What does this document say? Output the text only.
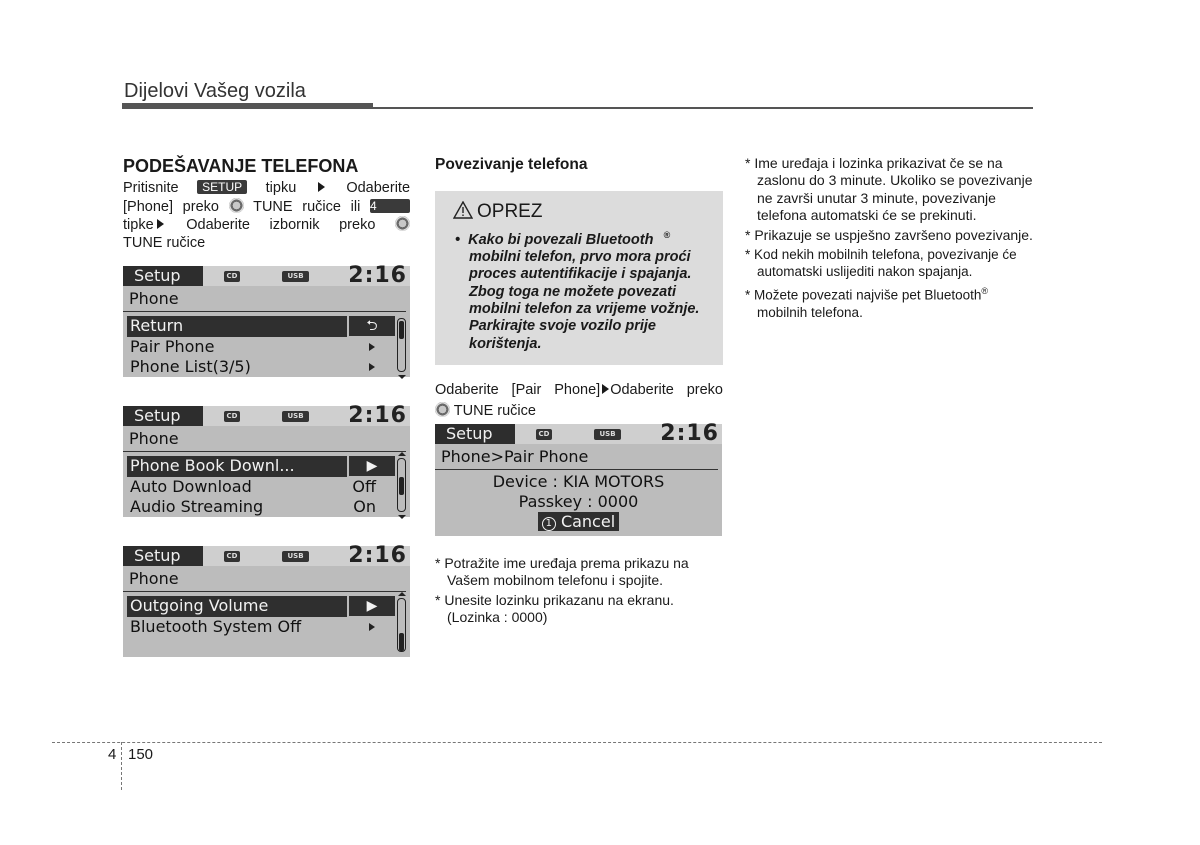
Dijelovi Vašeg vozila
PODEŠAVANJE TELEFONA
Pritisnite SETUP tipku	Odaberite
[Phone] preko TUNE ručice ili 4
tipke Odaberite izbornik preko
TUNE ručice
Setup	CD	USB 2:16
Phone
Return	⮌
Pair Phone
Phone List(3/5)
Setup	CD	USB 2:16
Phone
Phone Book Downl...	▶
Auto Download	Off
Audio Streaming	On
Setup	CD	USB 2:16
Phone
Outgoing Volume	▶
Bluetooth System Off
Povezivanje telefona
OPREZ
•  Kako bi povezali Bluetooth    ® mobilni telefon, prvo mora proći proces autentifikacije i spajanja. Zbog toga ne možete povezati mobilni telefon za vrijeme vožnje. Parkirajte svoje vozilo prije korištenja.
Odaberite [Pair Phone] Odaberite preko
TUNE ručice
Setup	CD	USB 2:16
Phone>Pair Phone
Device : KIA MOTORS
Passkey : 0000
1 Cancel
* Potražite ime uređaja prema prikazu na Vašem mobilnom telefonu i spojite.
* Unesite lozinku prikazanu na ekranu. (Lozinka : 0000)
* Ime uređaja i lozinka prikazivat če se na zaslonu do 3 minute. Ukoliko se povezivanje ne završi unutar 3 minute, povezivanje telefona automatski će se prekinuti.
* Prikazuje se uspješno završeno povezivanje.
* Kod nekih mobilnih telefona, povezivanje će automatski uslijediti nakon spajanja.
* Možete povezati najviše pet Bluetooth® mobilnih telefona.
4 150
